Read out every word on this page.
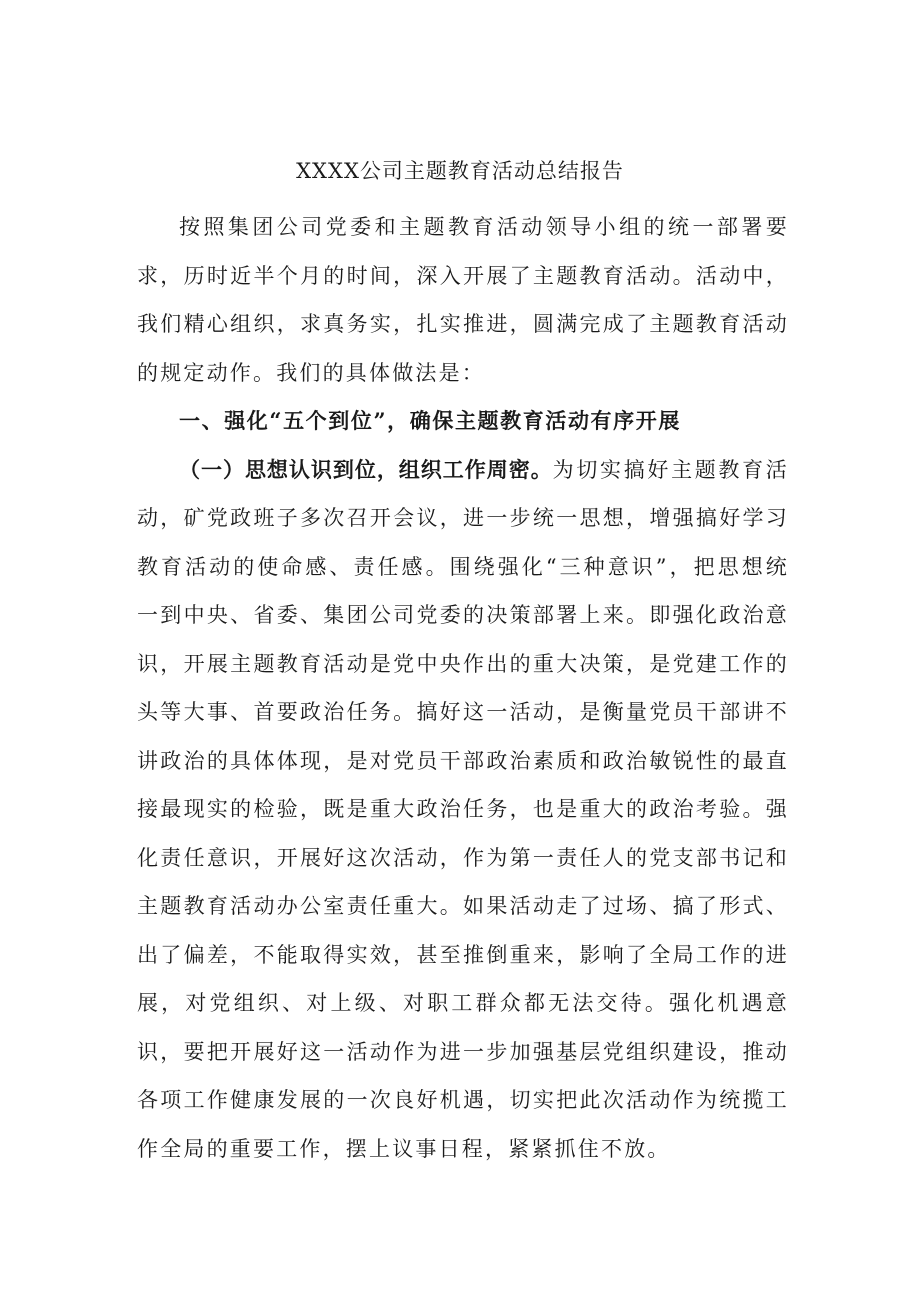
XXXX公司主题教育活动总结报告

按照集团公司党委和主题教育活动领导小组的统一部署要求，历时近半个月的时间，深入开展了主题教育活动。活动中，我们精心组织，求真务实，扎实推进，圆满完成了主题教育活动的规定动作。我们的具体做法是：

一、强化“五个到位”，确保主题教育活动有序开展

（一）思想认识到位，组织工作周密。为切实搞好主题教育活动，矿党政班子多次召开会议，进一步统一思想，增强搞好学习教育活动的使命感、责任感。围绕强化“三种意识”，把思想统一到中央、省委、集团公司党委的决策部署上来。即强化政治意识，开展主题教育活动是党中央作出的重大决策，是党建工作的头等大事、首要政治任务。搞好这一活动，是衡量党员干部讲不讲政治的具体体现，是对党员干部政治素质和政治敏锐性的最直接最现实的检验，既是重大政治任务，也是重大的政治考验。强化责任意识，开展好这次活动，作为第一责任人的党支部书记和主题教育活动办公室责任重大。如果活动走了过场、搞了形式、出了偏差，不能取得实效，甚至推倒重来，影响了全局工作的进展，对党组织、对上级、对职工群众都无法交待。强化机遇意识，要把开展好这一活动作为进一步加强基层党组织建设，推动各项工作健康发展的一次良好机遇，切实把此次活动作为统揽工作全局的重要工作，摆上议事日程，紧紧抓住不放。
